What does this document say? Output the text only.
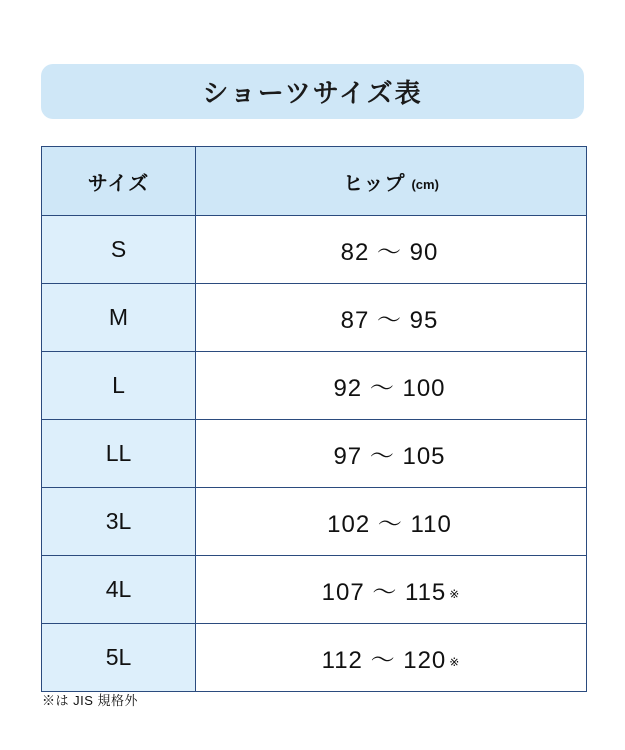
ショーツサイズ表
サイズ	ヒップ (cm)
S	82 〜 90
M	87 〜 95
L	92 〜 100
LL	97 〜 105
3L	102 〜 110
4L	107 〜 115 ※
5L	112 〜 120 ※
※は JIS 規格外
